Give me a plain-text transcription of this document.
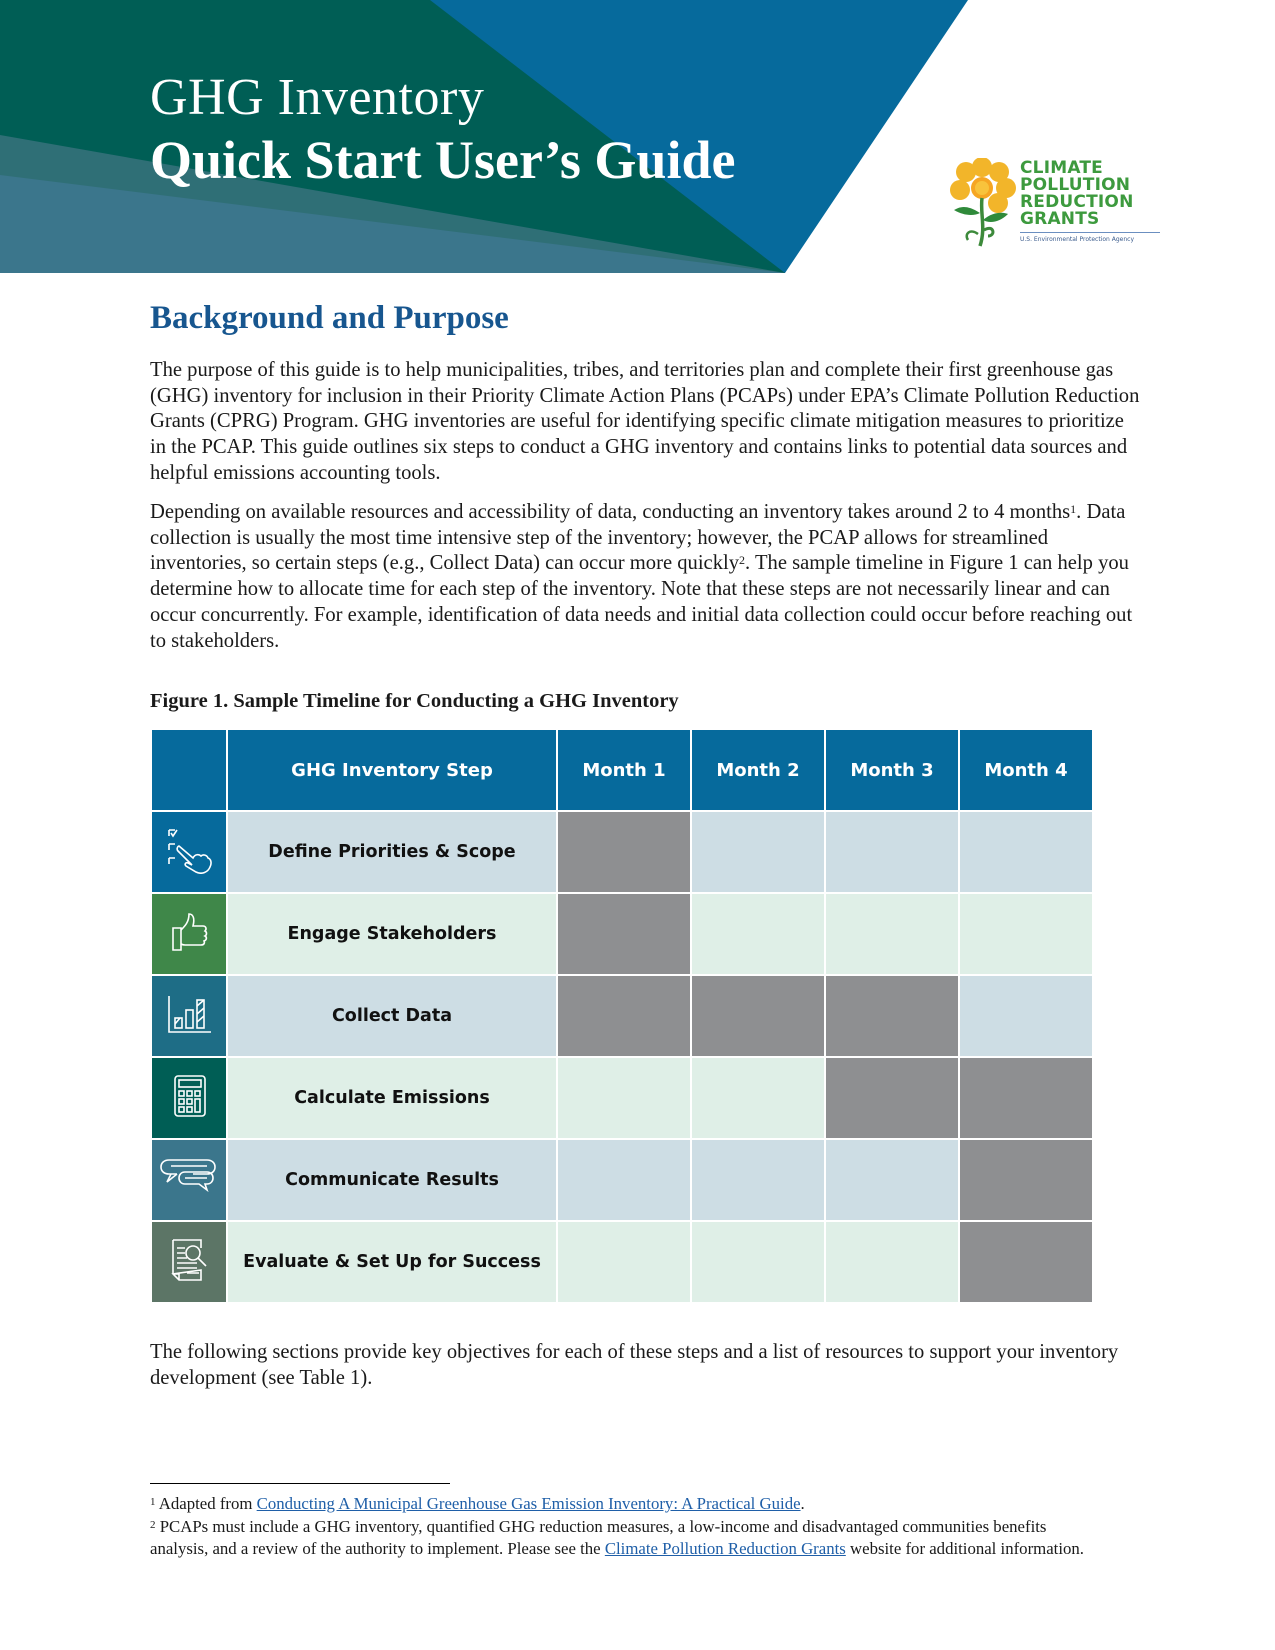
GHG Inventory
Quick Start User’s Guide	CLIMATE
POLLUTION
REDUCTION
GRANTS
U.S. Environmental Protection Agency
Background and Purpose

The purpose of this guide is to help municipalities, tribes, and territories plan and complete their first greenhouse gas (GHG) inventory for inclusion in their Priority Climate Action Plans (PCAPs) under EPA’s Climate Pollution Reduction Grants (CPRG) Program. GHG inventories are useful for identifying specific climate mitigation measures to prioritize in the PCAP. This guide outlines six steps to conduct a GHG inventory and contains links to potential data sources and helpful emissions accounting tools.

Depending on available resources and accessibility of data, conducting an inventory takes around 2 to 4 months$^1$. Data collection is usually the most time intensive step of the inventory; however, the PCAP allows for streamlined inventories, so certain steps (e.g., Collect Data) can occur more quickly$^2$. The sample timeline in Figure 1 can help you determine how to allocate time for each step of the inventory. Note that these steps are not necessarily linear and can occur concurrently. For example, identification of data needs and initial data collection could occur before reaching out to stakeholders.

Figure 1. Sample Timeline for Conducting a GHG Inventory
	GHG Inventory Step	Month 1	Month 2	Month 3	Month 4
	Define Priorities & Scope				
	Engage Stakeholders				
	Collect Data				
	Calculate Emissions				
	Communicate Results				
	Evaluate & Set Up for Success				

The following sections provide key objectives for each of these steps and a list of resources to support your inventory development (see Table 1).

$^1$ Adapted from Conducting A Municipal Greenhouse Gas Emission Inventory: A Practical Guide.

$^2$ PCAPs must include a GHG inventory, quantified GHG reduction measures, a low-income and disadvantaged communities benefits analysis, and a review of the authority to implement. Please see the Climate Pollution Reduction Grants website for additional information.
